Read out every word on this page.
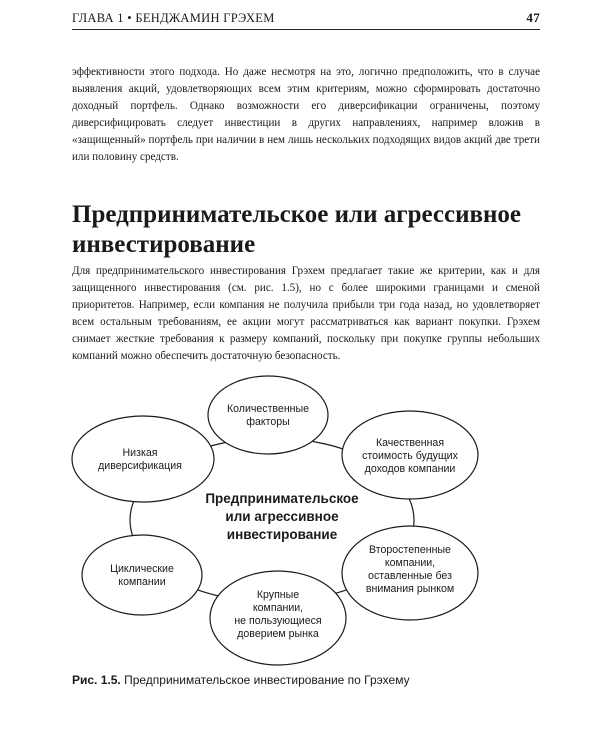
ГЛАВА 1 • БЕНДЖАМИН ГРЭХЕМ	47

эффективности этого подхода. Но даже несмотря на это, логично предположить, что в случае выявления акций, удовлетворяющих всем этим критериям, можно сформировать достаточно доходный портфель. Однако возможности его диверсификации ограничены, поэтому диверсифицировать следует инвестиции в других направлениях, например вложив в «защищенный» портфель при наличии в нем лишь нескольких подходящих видов акций две трети или половину средств.

Предпринимательское или агрессивное инвестирование

Для предпринимательского инвестирования Грэхем предлагает такие же критерии, как и для защищенного инвестирования (см. рис. 1.5), но с более широкими границами и сменой приоритетов. Например, если компания не получила прибыли три года назад, но удовлетворяет всем остальным требованиям, ее акции могут рассматриваться как вариант покупки. Грэхем снимает жесткие требования к размеру компаний, поскольку при покупке группы небольших компаний можно обеспечить достаточную безопасность.

Предпринимательское
или агрессивное
инвестирование
Количественные
факторы
Качественная
стоимость будущих
доходов компании
Второстепенные
компании,
оставленные без
внимания рынком
Крупные
компании,
не пользующиеся
доверием рынка
Циклические
компании
Низкая
диверсификация

Рис. 1.5. Предпринимательское инвестирование по Грэхему
